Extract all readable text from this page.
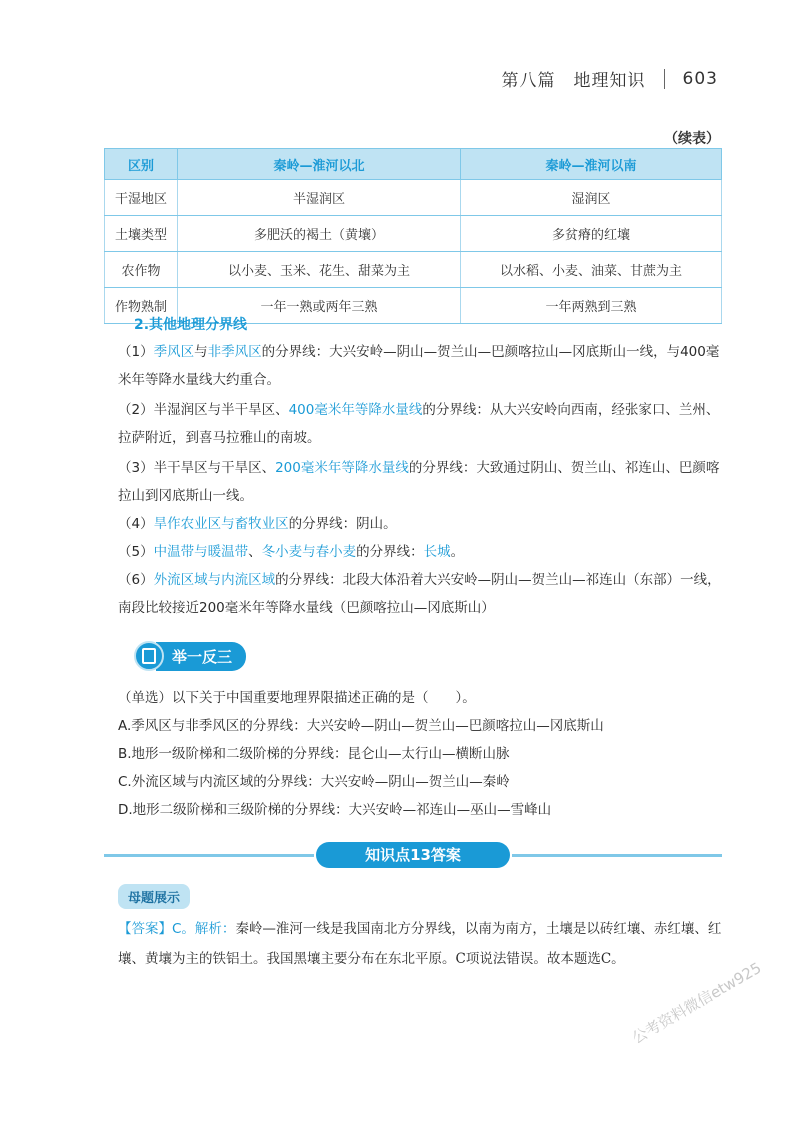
第八篇 地理知识 603
（续表）
区别	秦岭—淮河以北	秦岭—淮河以南
干湿地区	半湿润区	湿润区
土壤类型	多肥沃的褐土（黄壤）	多贫瘠的红壤
农作物	以小麦、玉米、花生、甜菜为主	以水稻、小麦、油菜、甘蔗为主
作物熟制	一年一熟或两年三熟	一年两熟到三熟
2.其他地理分界线
（1）季风区与非季风区的分界线：大兴安岭—阴山—贺兰山—巴颜喀拉山—冈底斯山一线，与400毫米年等降水量线大约重合。
（2）半湿润区与半干旱区、400毫米年等降水量线的分界线：从大兴安岭向西南，经张家口、兰州、拉萨附近，到喜马拉雅山的南坡。
（3）半干旱区与干旱区、200毫米年等降水量线的分界线：大致通过阴山、贺兰山、祁连山、巴颜喀拉山到冈底斯山一线。
（4）旱作农业区与畜牧业区的分界线：阴山。
（5）中温带与暖温带、冬小麦与春小麦的分界线：长城。
（6）外流区域与内流区域的分界线：北段大体沿着大兴安岭—阴山—贺兰山—祁连山（东部）一线，南段比较接近200毫米年等降水量线（巴颜喀拉山—冈底斯山）
举一反三
（单选）以下关于中国重要地理界限描述正确的是（　　）。
A.季风区与非季风区的分界线：大兴安岭—阴山—贺兰山—巴颜喀拉山—冈底斯山
B.地形一级阶梯和二级阶梯的分界线：昆仑山—太行山—横断山脉
C.外流区域与内流区域的分界线：大兴安岭—阴山—贺兰山—秦岭
D.地形二级阶梯和三级阶梯的分界线：大兴安岭—祁连山—巫山—雪峰山
知识点13答案
母题展示
【答案】C。解析：秦岭—淮河一线是我国南北方分界线，以南为南方，土壤是以砖红壤、赤红壤、红壤、黄壤为主的铁铝土。我国黑壤主要分布在东北平原。C项说法错误。故本题选C。 公考资料微信etw925
